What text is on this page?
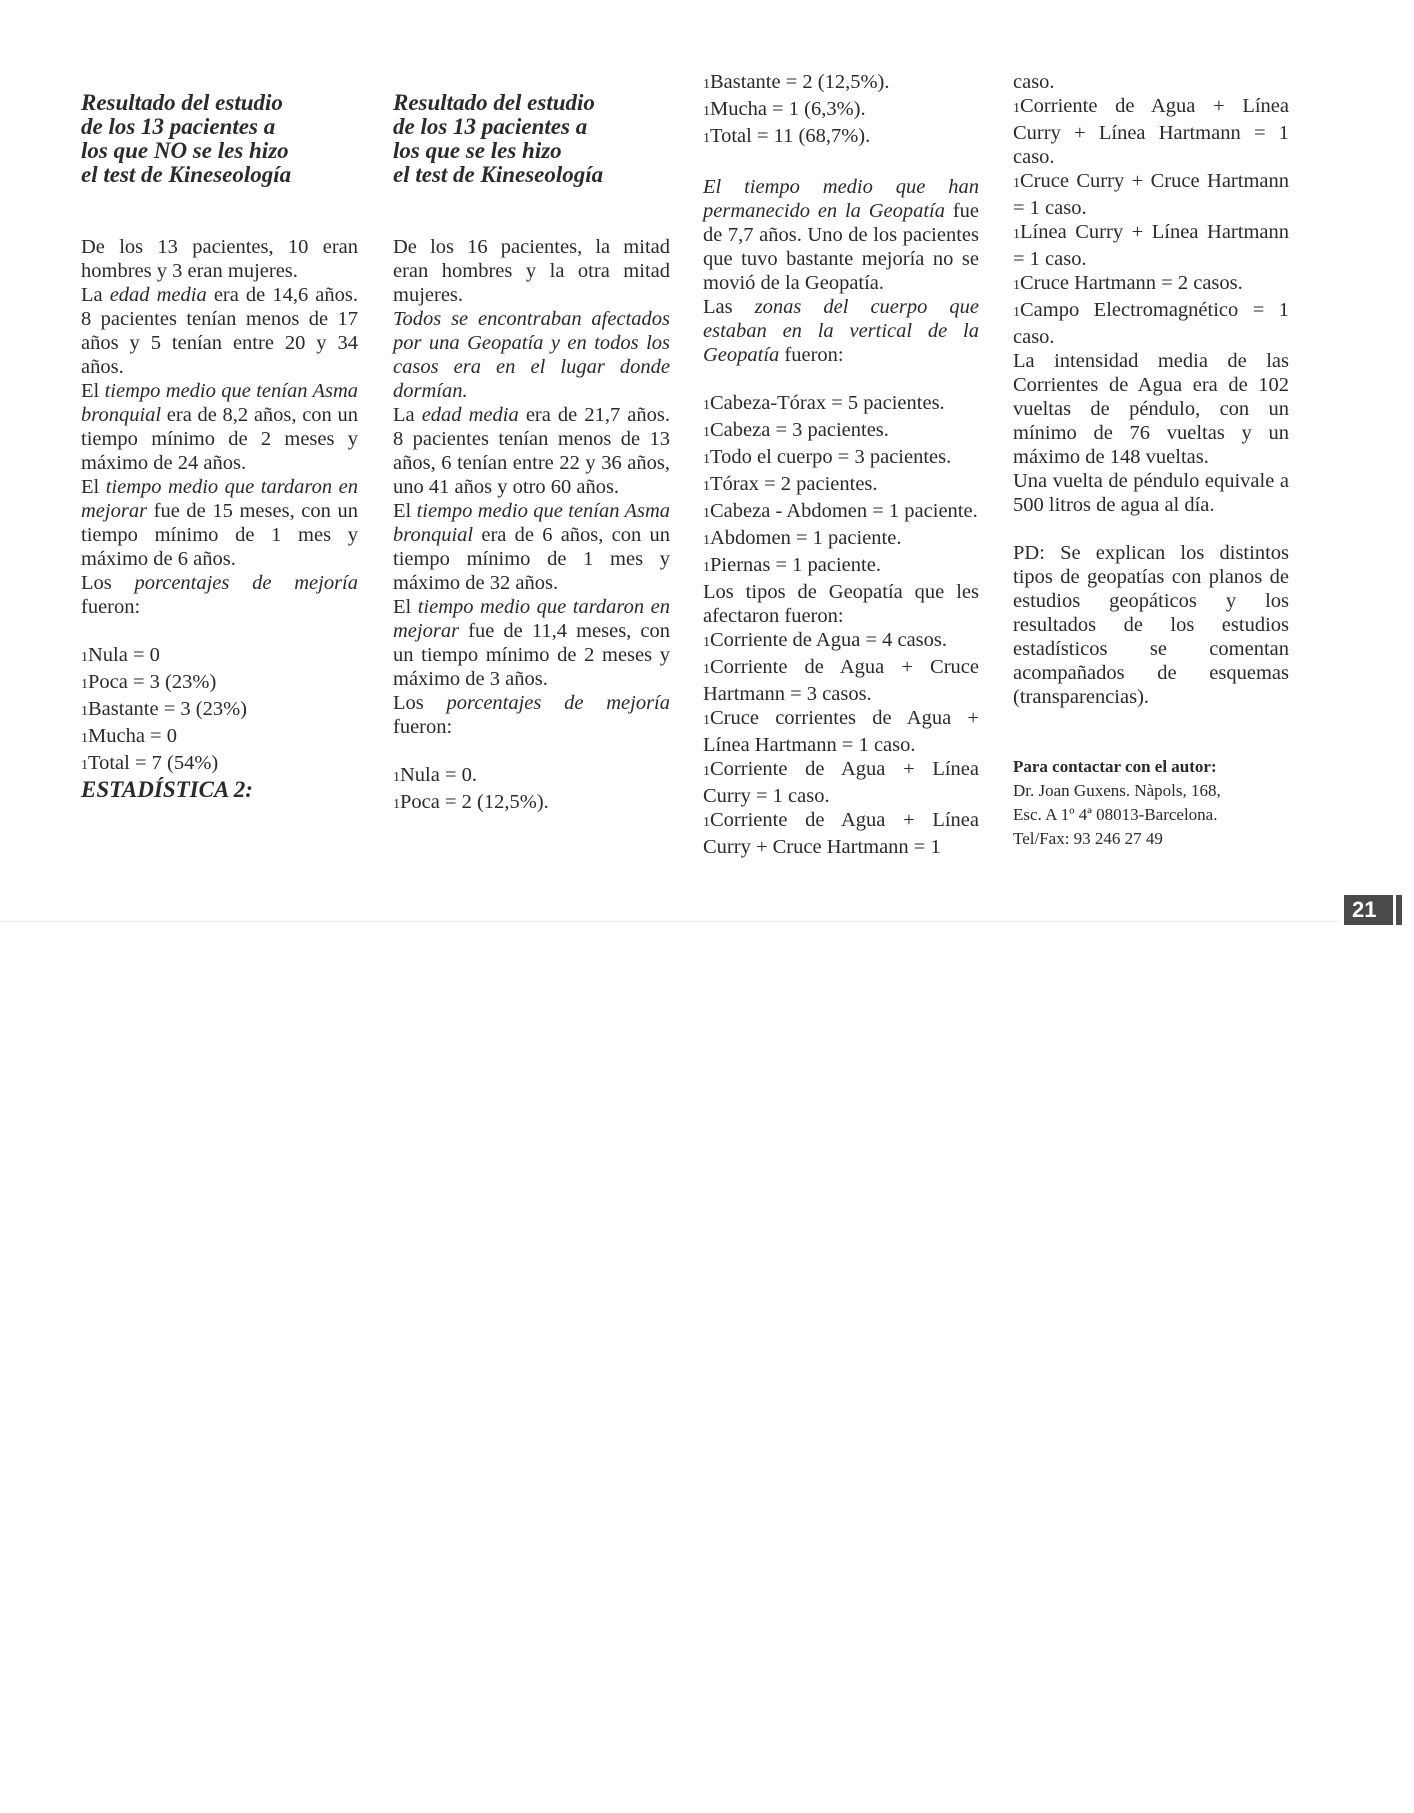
Resultado del estudio
de los 13 pacientes a
los que NO se les hizo
el test de Kineseología

De los 13 pacientes, 10 eran hombres y 3 eran mujeres.

La edad media era de 14,6 años. 8 pacientes tenían menos de 17 años y 5 tenían entre 20 y 34 años.

El tiempo medio que tenían Asma bronquial era de 8,2 años, con un tiempo mínimo de 2 meses y máximo de 24 años.

El tiempo medio que tardaron en mejorar fue de 15 meses, con un tiempo mínimo de 1 mes y máximo de 6 años.

Los porcentajes de mejoría fueron:

1Nula = 0
1Poca = 3 (23%)
1Bastante = 3 (23%)
1Mucha = 0
1Total = 7 (54%)
ESTADÍSTICA 2:

Resultado del estudio
de los 13 pacientes a
los que se les hizo
el test de Kineseología

De los 16 pacientes, la mitad eran hombres y la otra mitad mujeres.

Todos se encontraban afectados por una Geopatía y en todos los casos era en el lugar donde dormían.

La edad media era de 21,7 años. 8 pacientes tenían menos de 13 años, 6 tenían entre 22 y 36 años, uno 41 años y otro 60 años.

El tiempo medio que tenían Asma bronquial era de 6 años, con un tiempo mínimo de 1 mes y máximo de 32 años.

El tiempo medio que tardaron en mejorar fue de 11,4 meses, con un tiempo mínimo de 2 meses y máximo de 3 años.

Los porcentajes de mejoría fueron:

1Nula = 0.
1Poca = 2 (12,5%).
1Bastante = 2 (12,5%).
1Mucha = 1 (6,3%).
1Total = 11 (68,7%).

El tiempo medio que han permanecido en la Geopatía fue de 7,7 años. Uno de los pacientes que tuvo bastante mejoría no se movió de la Geopatía.

Las zonas del cuerpo que estaban en la vertical de la Geopatía fueron:

1Cabeza-Tórax = 5 pacientes.
1Cabeza = 3 pacientes.
1Todo el cuerpo = 3 pacientes.
1Tórax = 2 pacientes.
1Cabeza - Abdomen = 1 paciente.
1Abdomen = 1 paciente.
1Piernas = 1 paciente.

Los tipos de Geopatía que les afectaron fueron:

1Corriente de Agua = 4 casos.
1Corriente de Agua + Cruce Hartmann = 3 casos.
1Cruce corrientes de Agua + Línea Hartmann = 1 caso.
1Corriente de Agua + Línea Curry = 1 caso.
1Corriente de Agua + Línea Curry + Cruce Hartmann = 1
caso.
1Corriente de Agua + Línea Curry + Línea Hartmann = 1 caso.
1Cruce Curry + Cruce Hartmann = 1 caso.
1Línea Curry + Línea Hartmann = 1 caso.
1Cruce Hartmann = 2 casos.
1Campo Electromagnético = 1 caso.

La intensidad media de las Corrientes de Agua era de 102 vueltas de péndulo, con un mínimo de 76 vueltas y un máximo de 148 vueltas.

Una vuelta de péndulo equivale a 500 litros de agua al día.

PD: Se explican los distintos tipos de geopatías con planos de estudios geopáticos y los resultados de los estudios estadísticos se comentan acompañados de esquemas (transparencias).

Para contactar con el autor:
Dr. Joan Guxens. Nàpols, 168,
Esc. A 1º 4ª 08013-Barcelona.
Tel/Fax: 93 246 27 49
21
